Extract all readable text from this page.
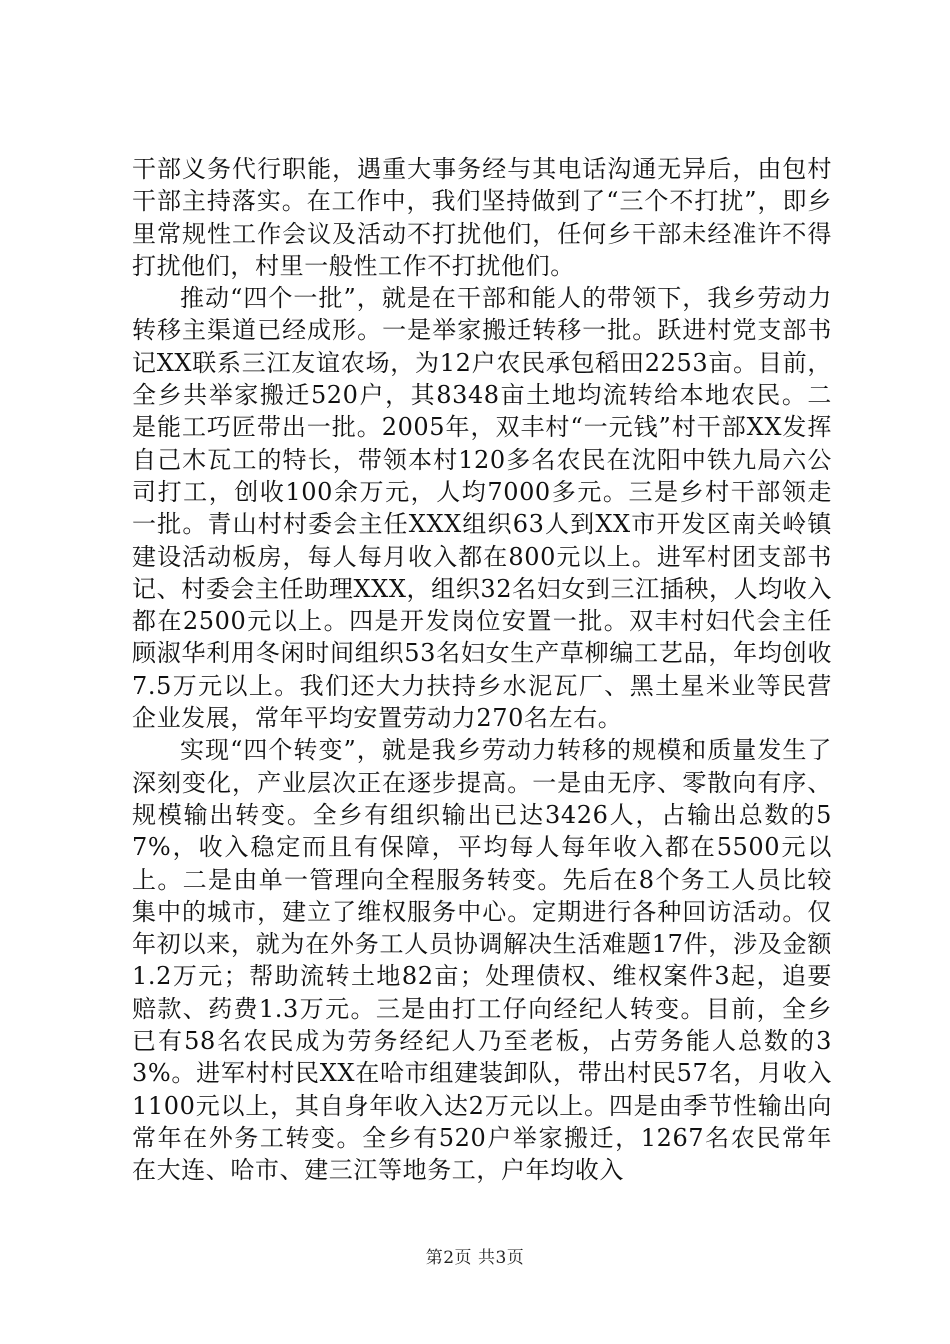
干部义务代行职能，遇重大事务经与其电话沟通无异后，由包村干部主持落实。在工作中，我们坚持做到了“三个不打扰”，即乡里常规性工作会议及活动不打扰他们，任何乡干部未经准许不得打扰他们，村里一般性工作不打扰他们。

推动“四个一批”，就是在干部和能人的带领下，我乡劳动力转移主渠道已经成形。一是举家搬迁转移一批。跃进村党支部书记XX联系三江友谊农场，为12户农民承包稻田2253亩。目前，全乡共举家搬迁520户，其8348亩土地均流转给本地农民。二是能工巧匠带出一批。2005年，双丰村“一元钱”村干部XX发挥自己木瓦工的特长，带领本村120多名农民在沈阳中铁九局六公司打工，创收100余万元，人均7000多元。三是乡村干部领走一批。青山村村委会主任XXX组织63人到XX市开发区南关岭镇建设活动板房，每人每月收入都在800元以上。进军村团支部书记、村委会主任助理XXX，组织32名妇女到三江插秧，人均收入都在2500元以上。四是开发岗位安置一批。双丰村妇代会主任顾淑华利用冬闲时间组织53名妇女生产草柳编工艺品，年均创收7.5万元以上。我们还大力扶持乡水泥瓦厂、黑土星米业等民营企业发展，常年平均安置劳动力270名左右。

实现“四个转变”，就是我乡劳动力转移的规模和质量发生了深刻变化，产业层次正在逐步提高。一是由无序、零散向有序、规模输出转变。全乡有组织输出已达3426人，占输出总数的57%，收入稳定而且有保障，平均每人每年收入都在5500元以上。二是由单一管理向全程服务转变。先后在8个务工人员比较集中的城市，建立了维权服务中心。定期进行各种回访活动。仅年初以来，就为在外务工人员协调解决生活难题17件，涉及金额1.2万元；帮助流转土地82亩；处理债权、维权案件3起，追要赔款、药费1.3万元。三是由打工仔向经纪人转变。目前，全乡已有58名农民成为劳务经纪人乃至老板，占劳务能人总数的33%。进军村村民XX在哈市组建装卸队，带出村民57名，月收入1100元以上，其自身年收入达2万元以上。四是由季节性输出向常年在外务工转变。全乡有520户举家搬迁，1267名农民常年在大连、哈市、建三江等地务工，户年均收入

第2页 共3页
